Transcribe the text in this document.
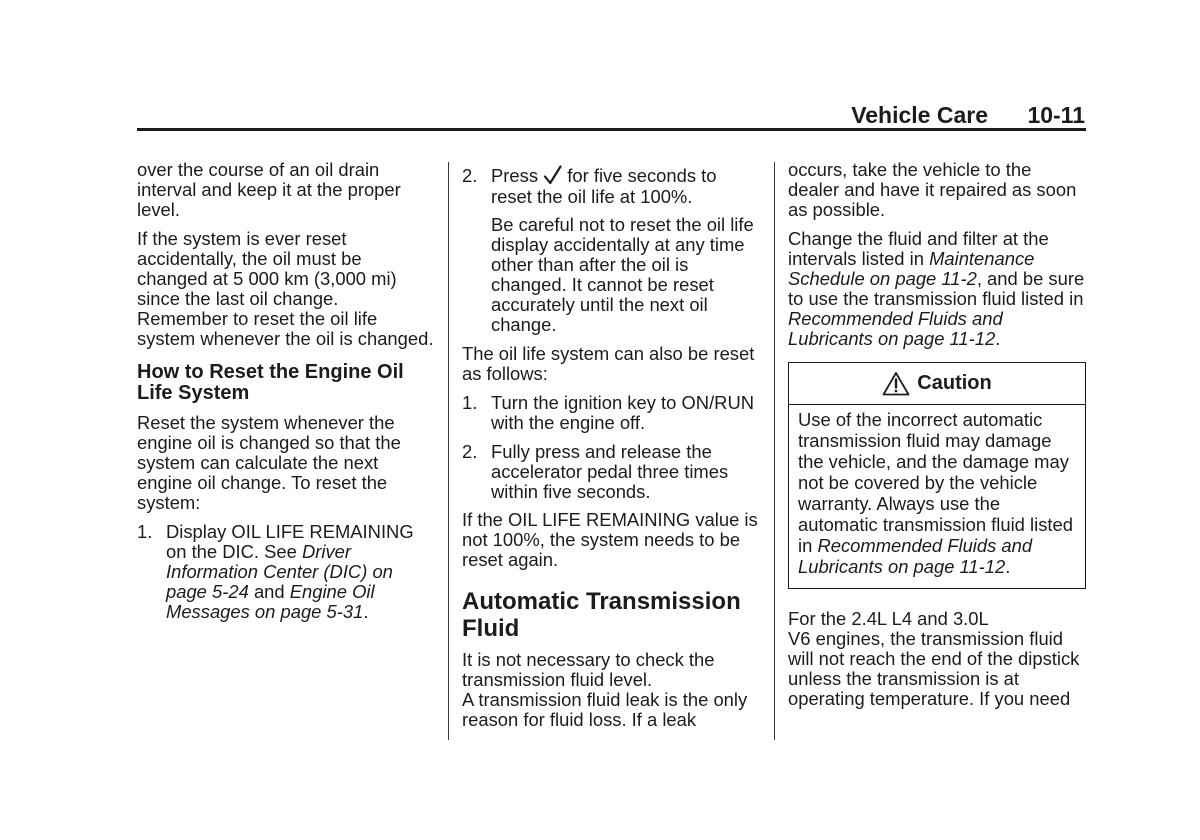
Vehicle Care 10-11
over the course of an oil drain
interval and keep it at the proper
level.
If the system is ever reset
accidentally, the oil must be
changed at 5 000 km (3,000 mi)
since the last oil change.
Remember to reset the oil life
system whenever the oil is changed.
How to Reset the Engine Oil
Life System
Reset the system whenever the
engine oil is changed so that the
system can calculate the next
engine oil change. To reset the
system:
1. Display OIL LIFE REMAINING
on the DIC. See Driver
Information Center (DIC) on
page 5-24 and Engine Oil
Messages on page 5-31.
2. Press for five seconds to
reset the oil life at 100%.
Be careful not to reset the oil life
display accidentally at any time
other than after the oil is
changed. It cannot be reset
accurately until the next oil
change.
The oil life system can also be reset
as follows:
1. Turn the ignition key to ON/RUN
with the engine off.
2. Fully press and release the
accelerator pedal three times
within five seconds.
If the OIL LIFE REMAINING value is
not 100%, the system needs to be
reset again.
Automatic Transmission
Fluid
It is not necessary to check the
transmission fluid level.
A transmission fluid leak is the only
reason for fluid loss. If a leak
occurs, take the vehicle to the
dealer and have it repaired as soon
as possible.
Change the fluid and filter at the
intervals listed in Maintenance
Schedule on page 11-2, and be sure
to use the transmission fluid listed in
Recommended Fluids and
Lubricants on page 11-12.
Caution
Use of the incorrect automatic
transmission fluid may damage
the vehicle, and the damage may
not be covered by the vehicle
warranty. Always use the
automatic transmission fluid listed
in Recommended Fluids and
Lubricants on page 11-12.
For the 2.4L L4 and 3.0L
V6 engines, the transmission fluid
will not reach the end of the dipstick
unless the transmission is at
operating temperature. If you need
